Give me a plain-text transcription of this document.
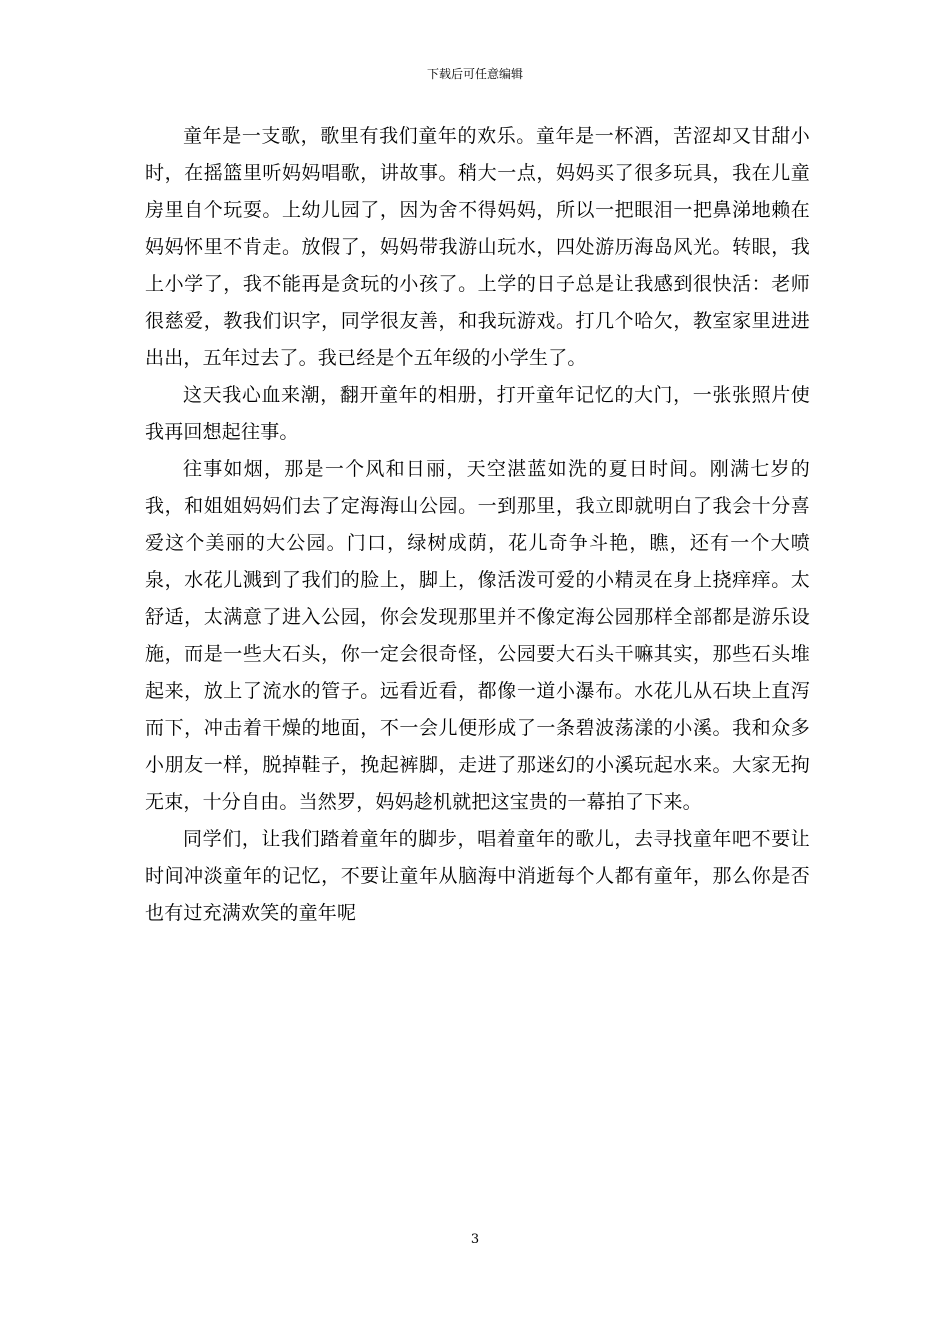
下载后可任意编辑

童年是一支歌，歌里有我们童年的欢乐。童年是一杯酒，苦涩却又甘甜小时，在摇篮里听妈妈唱歌，讲故事。稍大一点，妈妈买了很多玩具，我在儿童房里自个玩耍。上幼儿园了，因为舍不得妈妈，所以一把眼泪一把鼻涕地赖在妈妈怀里不肯走。放假了，妈妈带我游山玩水，四处游历海岛风光。转眼，我上小学了，我不能再是贪玩的小孩了。上学的日子总是让我感到很快活：老师很慈爱，教我们识字，同学很友善，和我玩游戏。打几个哈欠，教室家里进进出出，五年过去了。我已经是个五年级的小学生了。

这天我心血来潮，翻开童年的相册，打开童年记忆的大门，一张张照片使我再回想起往事。

往事如烟，那是一个风和日丽，天空湛蓝如洗的夏日时间。刚满七岁的我，和姐姐妈妈们去了定海海山公园。一到那里，我立即就明白了我会十分喜爱这个美丽的大公园。门口，绿树成荫，花儿奇争斗艳，瞧，还有一个大喷泉，水花儿溅到了我们的脸上，脚上，像活泼可爱的小精灵在身上挠痒痒。太舒适，太满意了进入公园，你会发现那里并不像定海公园那样全部都是游乐设施，而是一些大石头，你一定会很奇怪，公园要大石头干嘛其实，那些石头堆起来，放上了流水的管子。远看近看，都像一道小瀑布。水花儿从石块上直泻而下，冲击着干燥的地面，不一会儿便形成了一条碧波荡漾的小溪。我和众多小朋友一样，脱掉鞋子，挽起裤脚，走进了那迷幻的小溪玩起水来。大家无拘无束，十分自由。当然罗，妈妈趁机就把这宝贵的一幕拍了下来。

同学们，让我们踏着童年的脚步，唱着童年的歌儿，去寻找童年吧不要让时间冲淡童年的记忆，不要让童年从脑海中消逝每个人都有童年，那么你是否也有过充满欢笑的童年呢

3
